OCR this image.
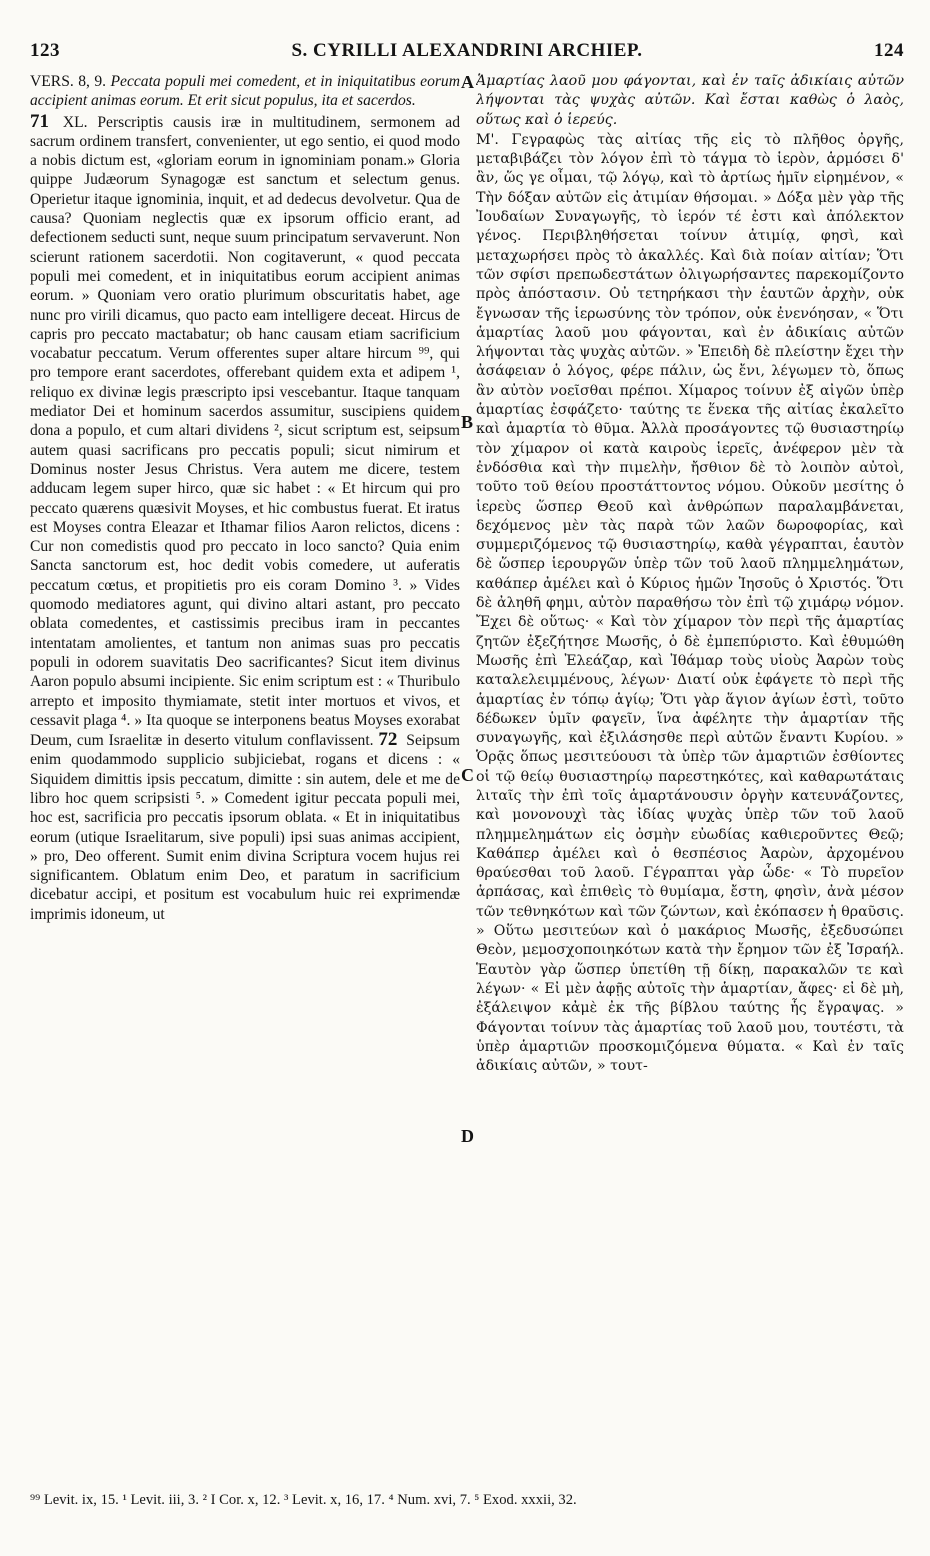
123	S. CYRILLI ALEXANDRINI ARCHIEP.	124

VERS. 8, 9. Peccata populi mei comedent, et in iniquitatibus eorum accipient animas eorum. Et erit sicut populus, ita et sacerdos.

71 XL. Perscriptis causis iræ in multitudinem, sermonem ad sacrum ordinem transfert, convenienter, ut ego sentio, ei quod modo a nobis dictum est, «gloriam eorum in ignominiam ponam.» Gloria quippe Judæorum Synagogæ est sanctum et selectum genus. Operietur itaque ignominia, inquit, et ad dedecus devolvetur. Qua de causa? Quoniam neglectis quæ ex ipsorum officio erant, ad defectionem seducti sunt, neque suum principatum servaverunt. Non scierunt rationem sacerdotii. Non cogitaverunt, « quod peccata populi mei comedent, et in iniquitatibus eorum accipient animas eorum. » Quoniam vero oratio plurimum obscuritatis habet, age nunc pro virili dicamus, quo pacto eam intelligere deceat. Hircus de capris pro peccato mactabatur; ob hanc causam etiam sacrificium vocabatur peccatum. Verum offerentes super altare hircum ⁹⁹, qui pro tempore erant sacerdotes, offerebant quidem exta et adipem ¹, reliquo ex divinæ legis præscripto ipsi vescebantur. Itaque tanquam mediator Dei et hominum sacerdos assumitur, suscipiens quidem dona a populo, et cum altari dividens ², sicut scriptum est, seipsum autem quasi sacrificans pro peccatis populi; sicut nimirum et Dominus noster Jesus Christus. Vera autem me dicere, testem adducam legem super hirco, quæ sic habet : « Et hircum qui pro peccato quærens quæsivit Moyses, et hic combustus fuerat. Et iratus est Moyses contra Eleazar et Ithamar filios Aaron relictos, dicens : Cur non comedistis quod pro peccato in loco sancto? Quia enim Sancta sanctorum est, hoc dedit vobis comedere, ut auferatis peccatum cœtus, et propitietis pro eis coram Domino ³. » Vides quomodo mediatores agunt, qui divino altari astant, pro peccato oblata comedentes, et castissimis precibus iram in peccantes intentatam amolientes, et tantum non animas suas pro peccatis populi in odorem suavitatis Deo sacrificantes? Sicut item divinus Aaron populo absumi incipiente. Sic enim scriptum est : « Thuribulo arrepto et imposito thymiamate, stetit inter mortuos et vivos, et cessavit plaga ⁴. » Ita quoque se interponens beatus Moyses exorabat Deum, cum Israelitæ in deserto vitulum conflavissent. 72 Seipsum enim quodammodo supplicio subjiciebat, rogans et dicens : « Siquidem dimittis ipsis peccatum, dimitte : sin autem, dele et me de libro hoc quem scripsisti ⁵. » Comedent igitur peccata populi mei, hoc est, sacrificia pro peccatis ipsorum oblata. « Et in iniquitatibus eorum (utique Israelitarum, sive populi) ipsi suas animas accipient, » pro, Deo offerent. Sumit enim divina Scriptura vocem hujus rei significantem. Oblatum enim Deo, et paratum in sacrificium dicebatur accipi, et positum est vocabulum huic rei exprimendæ imprimis idoneum, ut

Ἁμαρτίας λαοῦ μου φάγονται, καὶ ἐν ταῖς ἀδικίαις αὐτῶν λήψονται τὰς ψυχὰς αὐτῶν. Καὶ ἔσται καθὼς ὁ λαὸς, οὕτως καὶ ὁ ἱερεύς.

Μ'. Γεγραφὼς τὰς αἰτίας τῆς εἰς τὸ πλῆθος ὀργῆς, μεταβιβάζει τὸν λόγον ἐπὶ τὸ τάγμα τὸ ἱερὸν, ἁρμόσει δ' ἂν, ὥς γε οἶμαι, τῷ λόγῳ, καὶ τὸ ἀρτίως ἡμῖν εἰρημένον, « Τὴν δόξαν αὐτῶν εἰς ἀτιμίαν θήσομαι. » Δόξα μὲν γὰρ τῆς Ἰουδαίων Συναγωγῆς, τὸ ἱερόν τέ ἐστι καὶ ἀπόλεκτον γένος. Περιβληθήσεται τοίνυν ἀτιμίᾳ, φησὶ, καὶ μεταχωρήσει πρὸς τὸ ἀκαλλές. Καὶ διὰ ποίαν αἰτίαν; Ὅτι τῶν σφίσι πρεπωδεστάτων ὀλιγωρήσαντες παρεκομίζοντο πρὸς ἀπόστασιν. Οὐ τετηρήκασι τὴν ἑαυτῶν ἀρχὴν, οὐκ ἔγνωσαν τῆς ἱερωσύνης τὸν τρόπον, οὐκ ἐνενόησαν, « Ὅτι ἁμαρτίας λαοῦ μου φάγονται, καὶ ἐν ἀδικίαις αὐτῶν λήψονται τὰς ψυχὰς αὐτῶν. » Ἐπειδὴ δὲ πλείστην ἔχει τὴν ἀσάφειαν ὁ λόγος, φέρε πάλιν, ὡς ἔνι, λέγωμεν τὸ, ὅπως ἂν αὐτὸν νοεῖσθαι πρέποι. Χίμαρος τοίνυν ἐξ αἰγῶν ὑπὲρ ἁμαρτίας ἐσφάζετο· ταύτης τε ἕνεκα τῆς αἰτίας ἐκαλεῖτο καὶ ἁμαρτία τὸ θῦμα. Ἀλλὰ προσάγοντες τῷ θυσιαστηρίῳ τὸν χίμαρον οἱ κατὰ καιροὺς ἱερεῖς, ἀνέφερον μὲν τὰ ἐνδόσθια καὶ τὴν πιμελὴν, ἤσθιον δὲ τὸ λοιπὸν αὐτοὶ, τοῦτο τοῦ θείου προστάττοντος νόμου. Οὐκοῦν μεσίτης ὁ ἱερεὺς ὥσπερ Θεοῦ καὶ ἀνθρώπων παραλαμβάνεται, δεχόμενος μὲν τὰς παρὰ τῶν λαῶν δωροφορίας, καὶ συμμεριζόμενος τῷ θυσιαστηρίῳ, καθὰ γέγραπται, ἑαυτὸν δὲ ὥσπερ ἱερουργῶν ὑπὲρ τῶν τοῦ λαοῦ πλημμελημάτων, καθάπερ ἀμέλει καὶ ὁ Κύριος ἡμῶν Ἰησοῦς ὁ Χριστός. Ὅτι δὲ ἀληθῆ φημι, αὐτὸν παραθήσω τὸν ἐπὶ τῷ χιμάρῳ νόμον. Ἔχει δὲ οὕτως· « Καὶ τὸν χίμαρον τὸν περὶ τῆς ἁμαρτίας ζητῶν ἐξεζήτησε Μωσῆς, ὁ δὲ ἐμπεπύριστο. Καὶ ἐθυμώθη Μωσῆς ἐπὶ Ἐλεάζαρ, καὶ Ἰθάμαρ τοὺς υἱοὺς Ἀαρὼν τοὺς καταλελειμμένους, λέγων· Διατί οὐκ ἐφάγετε τὸ περὶ τῆς ἁμαρτίας ἐν τόπῳ ἁγίῳ; Ὅτι γὰρ ἅγιον ἁγίων ἐστὶ, τοῦτο δέδωκεν ὑμῖν φαγεῖν, ἵνα ἀφέλητε τὴν ἁμαρτίαν τῆς συναγωγῆς, καὶ ἐξιλάσησθε περὶ αὐτῶν ἔναντι Κυρίου. » Ὁρᾷς ὅπως μεσιτεύουσι τὰ ὑπὲρ τῶν ἁμαρτιῶν ἐσθίοντες οἱ τῷ θείῳ θυσιαστηρίῳ παρεστηκότες, καὶ καθαρωτάταις λιταῖς τὴν ἐπὶ τοῖς ἁμαρτάνουσιν ὀργὴν κατευνάζοντες, καὶ μονονουχὶ τὰς ἰδίας ψυχὰς ὑπὲρ τῶν τοῦ λαοῦ πλημμελημάτων εἰς ὀσμὴν εὐωδίας καθιεροῦντες Θεῷ; Καθάπερ ἀμέλει καὶ ὁ θεσπέσιος Ἀαρὼν, ἀρχομένου θραύεσθαι τοῦ λαοῦ. Γέγραπται γὰρ ὧδε· « Τὸ πυρεῖον ἁρπάσας, καὶ ἐπιθεὶς τὸ θυμίαμα, ἔστη, φησὶν, ἀνὰ μέσον τῶν τεθνηκότων καὶ τῶν ζώντων, καὶ ἐκόπασεν ἡ θραῦσις. » Οὕτω μεσιτεύων καὶ ὁ μακάριος Μωσῆς, ἐξεδυσώπει Θεὸν, μεμοσχοποιηκότων κατὰ τὴν ἔρημον τῶν ἐξ Ἰσραήλ. Ἑαυτὸν γὰρ ὥσπερ ὑπετίθη τῇ δίκῃ, παρακαλῶν τε καὶ λέγων· « Εἰ μὲν ἀφῇς αὐτοῖς τὴν ἁμαρτίαν, ἄφες· εἰ δὲ μὴ, ἐξάλειψον κἀμὲ ἐκ τῆς βίβλου ταύτης ἧς ἔγραψας. » Φάγονται τοίνυν τὰς ἁμαρτίας τοῦ λαοῦ μου, τουτέστι, τὰ ὑπὲρ ἁμαρτιῶν προσκομιζόμενα θύματα. « Καὶ ἐν ταῖς ἀδικίαις αὐτῶν, » τουτ-

A
B
C
D
⁹⁹ Levit. ix, 15. ¹ Levit. iii, 3. ² I Cor. x, 12. ³ Levit. x, 16, 17. ⁴ Num. xvi, 7. ⁵ Exod. xxxii, 32.
